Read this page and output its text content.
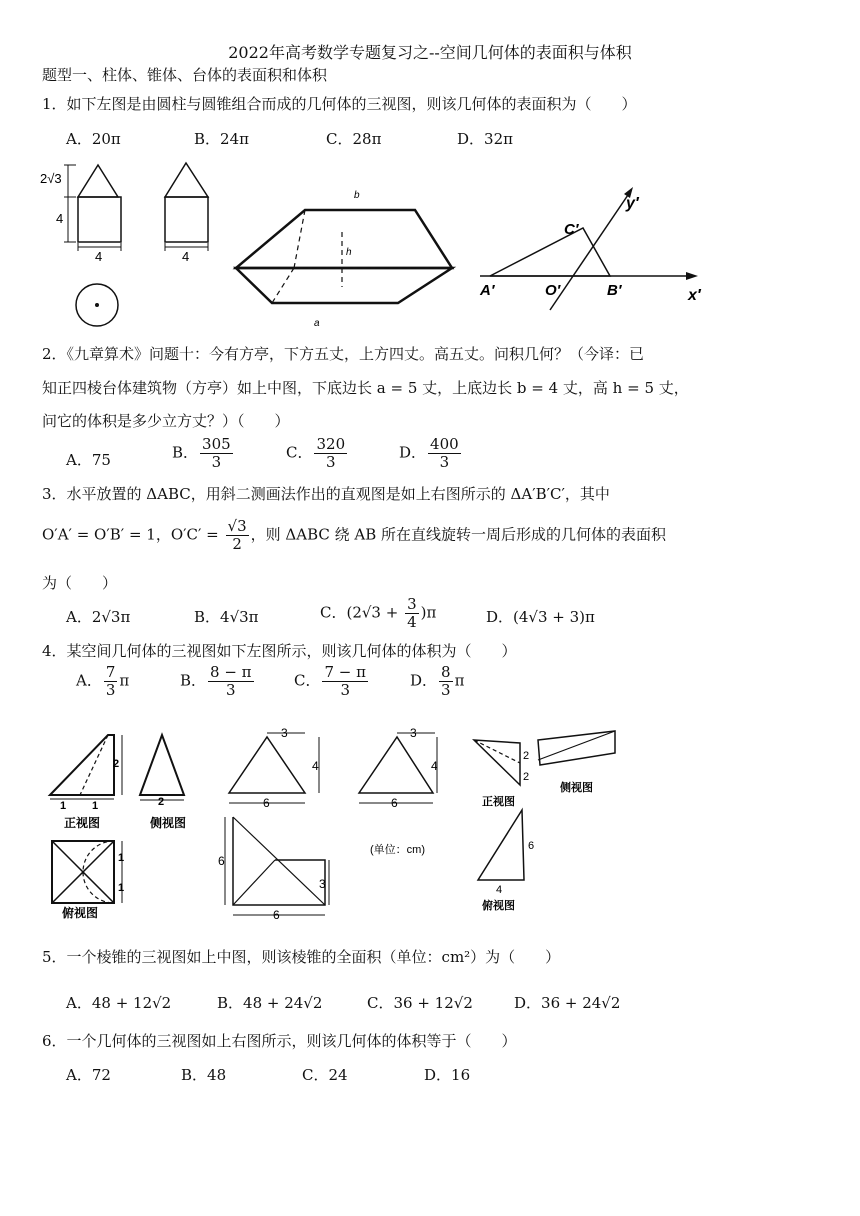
2022年高考数学专题复习之--空间几何体的表面积与体积
题型一、柱体、锥体、台体的表面积和体积
1．如下左图是由圆柱与圆锥组合而成的几何体的三视图，则该几何体的表面积为（　　）
A．20π	B．24π	C．28π	D．32π
2√3
4
4	4
b
h
a
y′
x′
C′
A′	O′	B′
2．《九章算术》问题十：今有方亭，下方五丈，上方四丈。高五丈。问积几何？（今译：已
知正四棱台体建筑物（方亭）如上中图，下底边长 a = 5 丈，上底边长 b = 4 丈，高 h = 5 丈，
问它的体积是多少立方丈？）（　　）
A．75	B． $\frac{305}{3}$	C． $\frac{320}{3}$	D． $\frac{400}{3}$
3．水平放置的 ΔABC，用斜二测画法作出的直观图是如上右图所示的 ΔA′B′C′，其中
O′A′ = O′B′ = 1，$O'C' = \frac{√3}{2}$ ，则 ΔABC 绕 AB 所在直线旋转一周后形成的几何体的表面积
为（　　）
A．2√3π	B．4√3π	C．$(2√3 + \frac{3}{4} )\pi$	D．(4√3 + 3)π
4．某空间几何体的三视图如下左图所示，则该几何体的体积为（　　）
A． $\frac{7}{3}$ π	B． $\frac{8 - \pi}{3}$	C． $\frac{7 - \pi}{3}$	D． $\frac{8}{3}$ π
2
1 1
正视图
2
侧视图
1
1
俯视图
3
4
6
3
4
6
6
3
6
(单位：cm)
2
2
正视图
侧视图
6
4
俯视图
5．一个棱锥的三视图如上中图，则该棱锥的全面积（单位：cm²）为（　　）
A．48 + 12√2	B．48 + 24√2	C．36 + 12√2	D．36 + 24√2
6．一个几何体的三视图如上右图所示，则该几何体的体积等于（　　）
A．72	B．48	C．24	D．16
